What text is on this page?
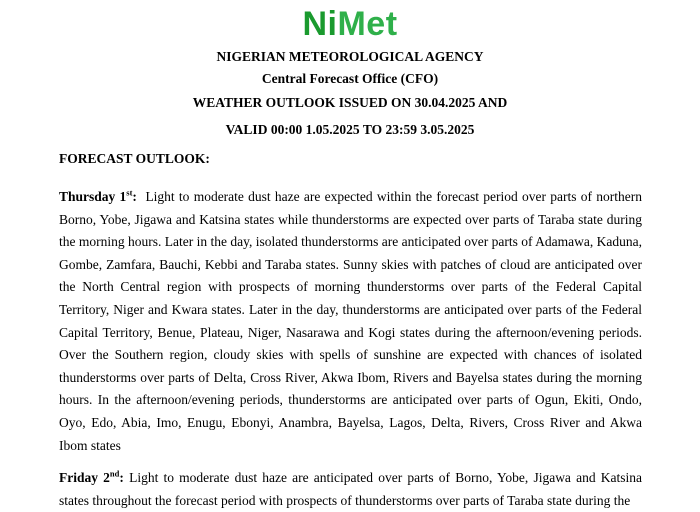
NiMet
NIGERIAN METEOROLOGICAL AGENCY
Central Forecast Office (CFO)
WEATHER OUTLOOK ISSUED ON 30.04.2025 AND
VALID 00:00 1.05.2025 TO 23:59 3.05.2025
FORECAST OUTLOOK:

Thursday 1st: Light to moderate dust haze are expected within the forecast period over parts of northern Borno, Yobe, Jigawa and Katsina states while thunderstorms are expected over parts of Taraba state during the morning hours. Later in the day, isolated thunderstorms are anticipated over parts of Adamawa, Kaduna, Gombe, Zamfara, Bauchi, Kebbi and Taraba states. Sunny skies with patches of cloud are anticipated over the North Central region with prospects of morning thunderstorms over parts of the Federal Capital Territory, Niger and Kwara states. Later in the day, thunderstorms are anticipated over parts of the Federal Capital Territory, Benue, Plateau, Niger, Nasarawa and Kogi states during the afternoon/evening periods. Over the Southern region, cloudy skies with spells of sunshine are expected with chances of isolated thunderstorms over parts of Delta, Cross River, Akwa Ibom, Rivers and Bayelsa states during the morning hours. In the afternoon/evening periods, thunderstorms are anticipated over parts of Ogun, Ekiti, Ondo, Oyo, Edo, Abia, Imo, Enugu, Ebonyi, Anambra, Bayelsa, Lagos, Delta, Rivers, Cross River and Akwa Ibom states

Friday 2nd: Light to moderate dust haze are anticipated over parts of Borno, Yobe, Jigawa and Katsina states throughout the forecast period with prospects of thunderstorms over parts of Taraba state during the
